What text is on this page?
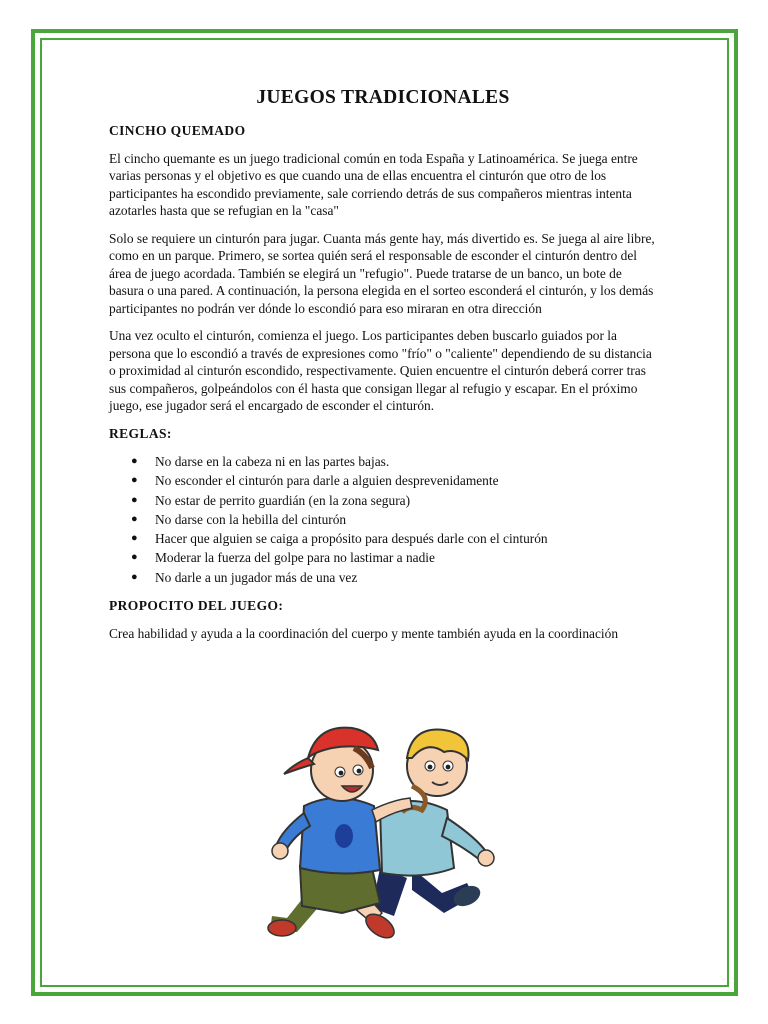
JUEGOS TRADICIONALES
CINCHO QUEMADO

El cincho quemante es un juego tradicional común en toda España y Latinoamérica. Se juega entre varias personas y el objetivo es que cuando una de ellas encuentra el cinturón que otro de los participantes ha escondido previamente, sale corriendo detrás de sus compañeros mientras intenta azotarles hasta que se refugian en la "casa"

Solo se requiere un cinturón para jugar. Cuanta más gente hay, más divertido es. Se juega al aire libre, como en un parque. Primero, se sortea quién será el responsable de esconder el cinturón dentro del área de juego acordada. También se elegirá un "refugio". Puede tratarse de un banco, un bote de basura o una pared. A continuación, la persona elegida en el sorteo esconderá el cinturón, y los demás participantes no podrán ver dónde lo escondió para eso miraran en otra dirección

Una vez oculto el cinturón, comienza el juego. Los participantes deben buscarlo guiados por la persona que lo escondió a través de expresiones como "frío" o "caliente" dependiendo de su distancia o proximidad al cinturón escondido, respectivamente. Quien encuentre el cinturón deberá correr tras sus compañeros, golpeándolos con él hasta que consigan llegar al refugio y escapar. En el próximo juego, ese jugador será el encargado de esconder el cinturón.

REGLAS:
● No darse en la cabeza ni en las partes bajas.
● No esconder el cinturón para darle a alguien desprevenidamente
● No estar de perrito guardián (en la zona segura)
● No darse con la hebilla del cinturón
● Hacer que alguien se caiga a propósito para después darle con el cinturón
● Moderar la fuerza del golpe para no lastimar a nadie
● No darle a un jugador más de una vez
PROPOCITO DEL JUEGO:

Crea habilidad y ayuda a la coordinación del cuerpo y mente también ayuda en la coordinación
